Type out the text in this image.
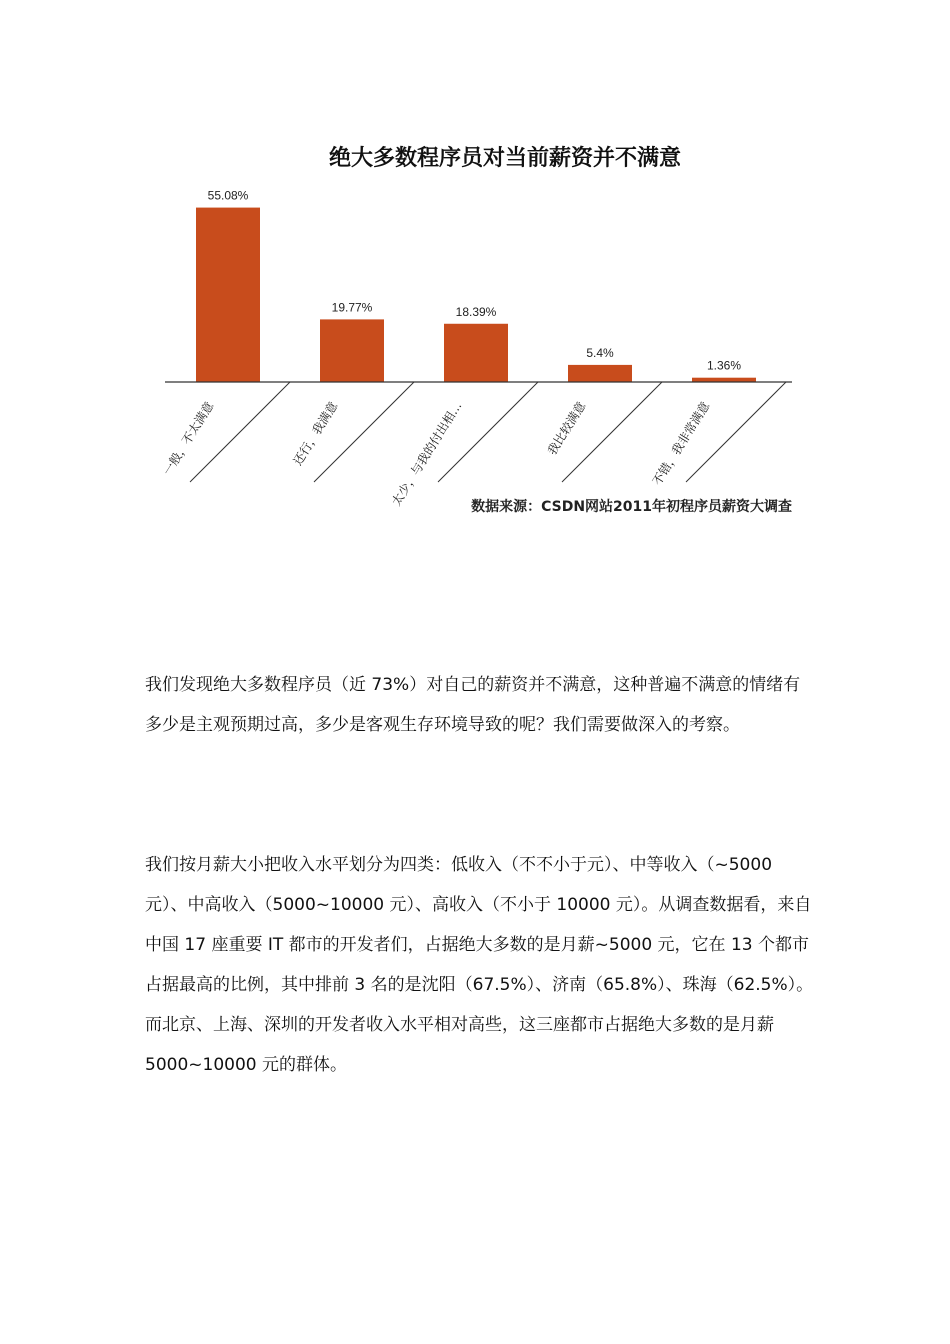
绝大多数程序员对当前薪资并不满意
55.08%
19.77%	18.39%
5.4%
1.36%
一般，不太满意	还行，我满意	太少，与我的付出相…	我比较满意	不错，我非常满意
数据来源：CSDN网站2011年初程序员薪资大调查

我们发现绝大多数程序员（近 73%）对自己的薪资并不满意，这种普遍不满意的情绪有多少是主观预期过高，多少是客观生存环境导致的呢？我们需要做深入的考察。

我们按月薪大小把收入水平划分为四类：低收入（不不小于元）、中等收入（~5000 元）、中高收入（5000~10000 元）、高收入（不小于 10000 元）。从调查数据看，来自中国 17 座重要 IT 都市的开发者们，占据绝大多数的是月薪~5000 元，它在 13 个都市占据最高的比例，其中排前 3 名的是沈阳（67.5%）、济南（65.8%）、珠海（62.5%）。而北京、上海、深圳的开发者收入水平相对高些，这三座都市占据绝大多数的是月薪 5000~10000 元的群体。
